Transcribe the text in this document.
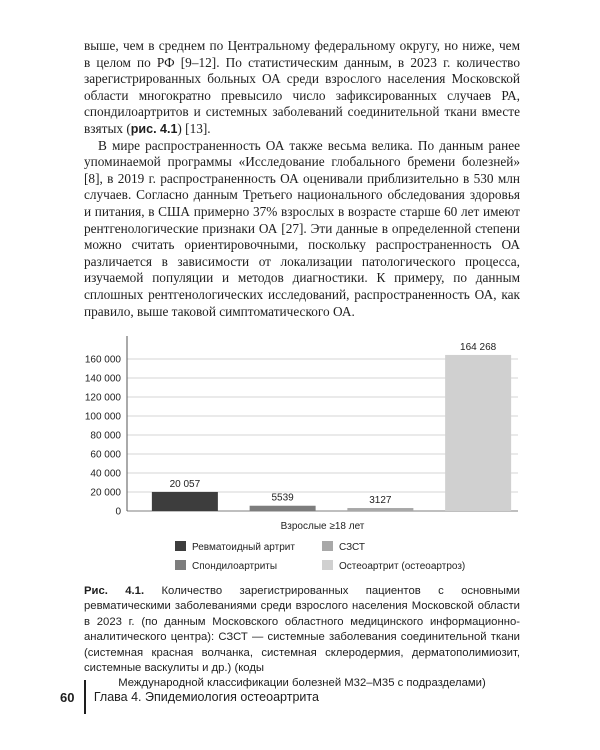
выше, чем в среднем по Центральному федеральному округу, но ниже, чем в целом по РФ [9–12]. По статистическим данным, в 2023 г. количество зарегистрированных больных ОА среди взрослого населения Московской области многократно превысило число зафиксированных случаев РА, спондилоартритов и системных заболеваний соединительной ткани вместе взятых (рис. 4.1) [13].

В мире распространенность ОА также весьма велика. По данным ранее упоминаемой программы «Исследование глобального бремени болезней» [8], в 2019 г. распространенность ОА оценивали приблизительно в 530 млн случаев. Согласно данным Третьего национального обследования здоровья и питания, в США примерно 37% взрослых в возрасте старше 60 лет имеют рентгенологические признаки ОА [27]. Эти данные в определенной степени можно считать ориентировочными, поскольку распространенность ОА различается в зависимости от локализации патологического процесса, изучаемой популяции и методов диагностики. К примеру, по данным сплошных рентгенологических исследований, распространенность ОА, как правило, выше таковой симптоматического ОА.

0
20 000
40 000
60 000
80 000
100 000
120 000
140 000
160 000
20 057
5539	3127
164 268
Взрослые ≥18 лет
Ревматоидный артрит	СЗСТ
Спондилоартриты	Остеоартрит (остеоартроз)
Рис. 4.1. Количество зарегистрированных пациентов с основными ревматическими заболеваниями среди взрослого населения Московской области в 2023 г. (по данным Московского областного медицинского информационно-аналитического центра): СЗСТ — системные заболевания соединительной ткани (системная красная волчанка, системная склеродермия, дерматополимиозит, системные васкулиты и др.) (коды
Международной классификации болезней М32–М35 с подразделами)
60	Глава 4. Эпидемиология остеоартрита
